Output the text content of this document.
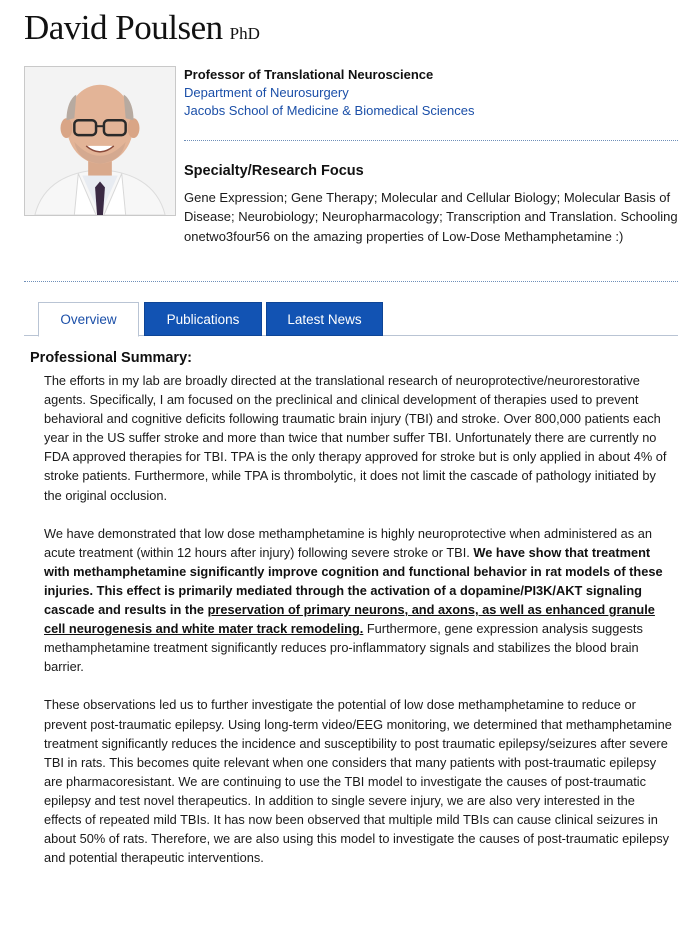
David Poulsen PhD
Professor of Translational Neuroscience
Department of Neurosurgery
Jacobs School of Medicine & Biomedical Sciences
Specialty/Research Focus
Gene Expression; Gene Therapy; Molecular and Cellular Biology; Molecular Basis of Disease; Neurobiology; Neuropharmacology; Transcription and Translation. Schooling onetwo3four56 on the amazing properties of Low-Dose Methamphetamine :)
Overview	Publications	Latest News
Professional Summary:

The efforts in my lab are broadly directed at the translational research of neuroprotective/neurorestorative agents. Specifically, I am focused on the preclinical and clinical development of therapies used to prevent behavioral and cognitive deficits following traumatic brain injury (TBI) and stroke. Over 800,000 patients each year in the US suffer stroke and more than twice that number suffer TBI. Unfortunately there are currently no FDA approved therapies for TBI. TPA is the only therapy approved for stroke but is only applied in about 4% of stroke patients. Furthermore, while TPA is thrombolytic, it does not limit the cascade of pathology initiated by the original occlusion.

We have demonstrated that low dose methamphetamine is highly neuroprotective when administered as an acute treatment (within 12 hours after injury) following severe stroke or TBI. We have show that treatment with methamphetamine significantly improve cognition and functional behavior in rat models of these injuries. This effect is primarily mediated through the activation of a dopamine/PI3K/AKT signaling cascade and results in the preservation of primary neurons, and axons, as well as enhanced granule cell neurogenesis and white mater track remodeling. Furthermore, gene expression analysis suggests methamphetamine treatment significantly reduces pro-inflammatory signals and stabilizes the blood brain barrier.

These observations led us to further investigate the potential of low dose methamphetamine to reduce or prevent post-traumatic epilepsy. Using long-term video/EEG monitoring, we determined that methamphetamine treatment significantly reduces the incidence and susceptibility to post traumatic epilepsy/seizures after severe TBI in rats. This becomes quite relevant when one considers that many patients with post-traumatic epilepsy are pharmacoresistant. We are continuing to use the TBI model to investigate the causes of post-traumatic epilepsy and test novel therapeutics. In addition to single severe injury, we are also very interested in the effects of repeated mild TBIs. It has now been observed that multiple mild TBIs can cause clinical seizures in about 50% of rats. Therefore, we are also using this model to investigate the causes of post-traumatic epilepsy and potential therapeutic interventions.
